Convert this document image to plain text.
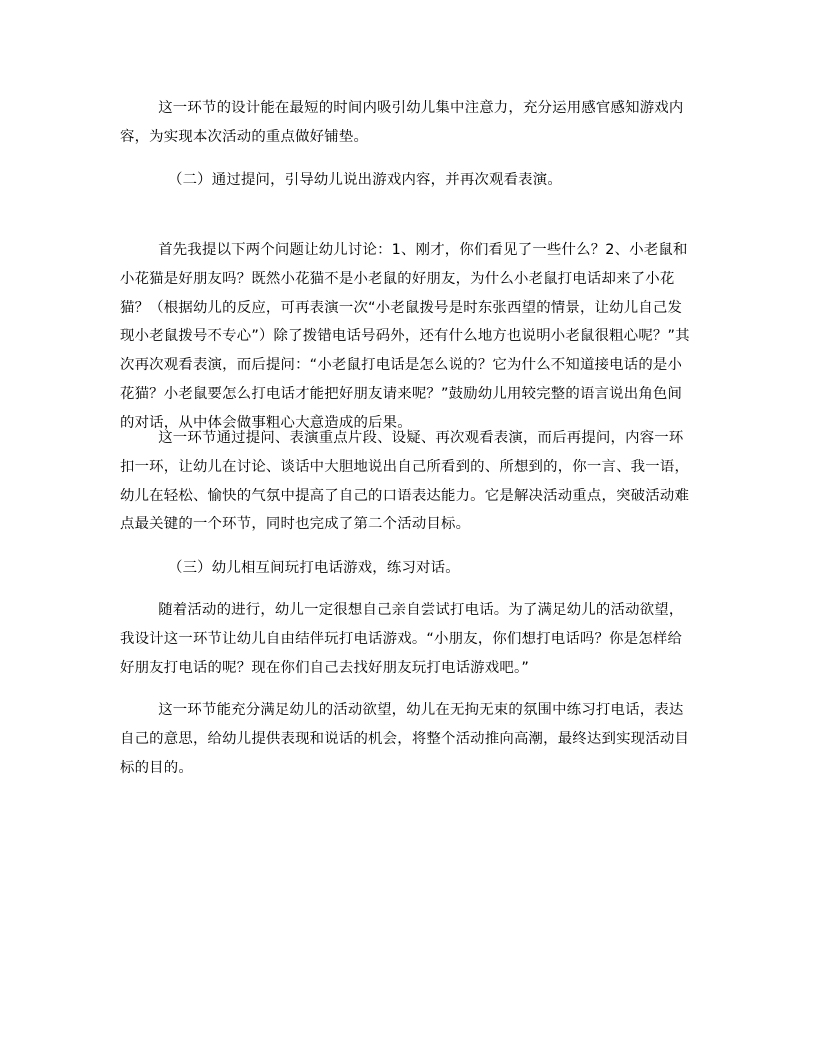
这一环节的设计能在最短的时间内吸引幼儿集中注意力，充分运用感官感知游戏内容，为实现本次活动的重点做好铺垫。

（二）通过提问，引导幼儿说出游戏内容，并再次观看表演。

首先我提以下两个问题让幼儿讨论：1、刚才，你们看见了一些什么？2、小老鼠和小花猫是好朋友吗？既然小花猫不是小老鼠的好朋友，为什么小老鼠打电话却来了小花猫？（根据幼儿的反应，可再表演一次“小老鼠拨号是时东张西望的情景，让幼儿自己发现小老鼠拨号不专心”）除了拨错电话号码外，还有什么地方也说明小老鼠很粗心呢？”其次再次观看表演，而后提问：“小老鼠打电话是怎么说的？它为什么不知道接电话的是小花猫？小老鼠要怎么打电话才能把好朋友请来呢？”鼓励幼儿用较完整的语言说出角色间的对话，从中体会做事粗心大意造成的后果。

这一环节通过提问、表演重点片段、设疑、再次观看表演，而后再提问，内容一环扣一环，让幼儿在讨论、谈话中大胆地说出自己所看到的、所想到的，你一言、我一语，幼儿在轻松、愉快的气氛中提高了自己的口语表达能力。它是解决活动重点，突破活动难点最关键的一个环节，同时也完成了第二个活动目标。

（三）幼儿相互间玩打电话游戏，练习对话。

随着活动的进行，幼儿一定很想自己亲自尝试打电话。为了满足幼儿的活动欲望，我设计这一环节让幼儿自由结伴玩打电话游戏。“小朋友，你们想打电话吗？你是怎样给好朋友打电话的呢？现在你们自己去找好朋友玩打电话游戏吧。”

这一环节能充分满足幼儿的活动欲望，幼儿在无拘无束的氛围中练习打电话，表达自己的意思，给幼儿提供表现和说话的机会，将整个活动推向高潮，最终达到实现活动目标的目的。
